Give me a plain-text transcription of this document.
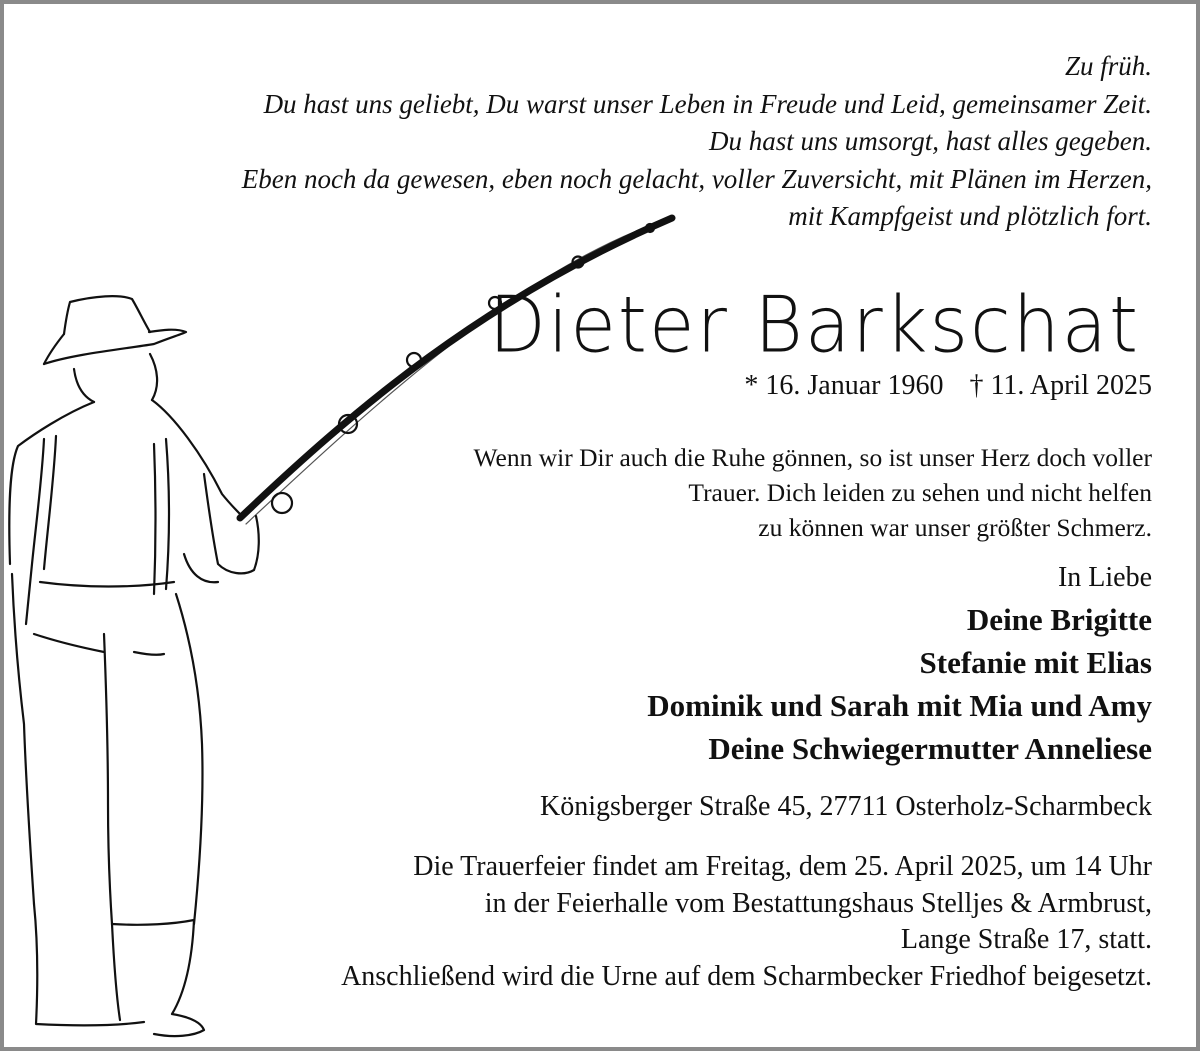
Zu früh.
Du hast uns geliebt, Du warst unser Leben in Freude und Leid, gemeinsamer Zeit.
Du hast uns umsorgt, hast alles gegeben.
Eben noch da gewesen, eben noch gelacht, voller Zuversicht, mit Plänen im Herzen,
mit Kampfgeist und plötzlich fort.
Dieter Barkschat
* 16. Januar 1960 † 11. April 2025
Wenn wir Dir auch die Ruhe gönnen, so ist unser Herz doch voller
Trauer. Dich leiden zu sehen und nicht helfen
zu können war unser größter Schmerz.
In Liebe
Deine Brigitte
Stefanie mit Elias
Dominik und Sarah mit Mia und Amy
Deine Schwiegermutter Anneliese
Königsberger Straße 45, 27711 Osterholz-Scharmbeck
Die Trauerfeier findet am Freitag, dem 25. April 2025, um 14 Uhr
in der Feierhalle vom Bestattungshaus Stelljes & Armbrust,
Lange Straße 17, statt.
Anschließend wird die Urne auf dem Scharmbecker Friedhof beigesetzt.
